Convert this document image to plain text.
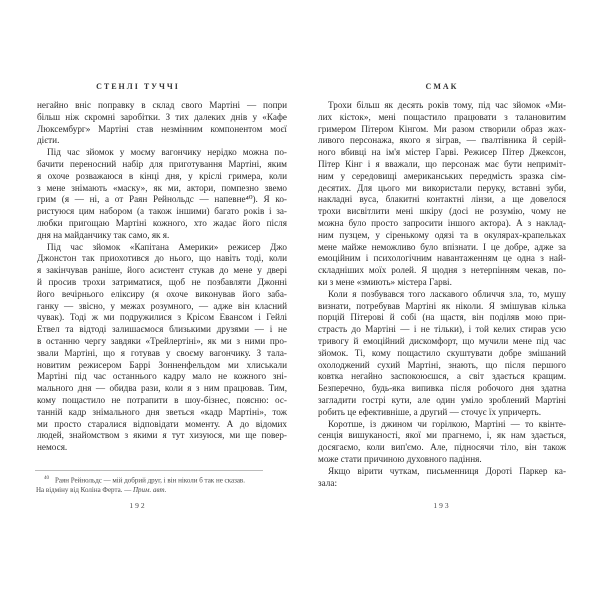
СТЕНЛІ ТУЧЧІ
негайно вніс поправку в склад свого Мартіні — попри
більш ніж скромні заробітки. З тих далеких днів у «Кафе
Люксембург» Мартіні став незмінним компонентом моєї
дієти.
Під час зйомок у моєму вагончику нерідко можна по-
бачити переносний набір для приготування Мартіні, яким
я охоче розважаюся в кінці дня, у кріслі гримера, коли
з мене знімають «маску», як ми, актори, помпезно звемо
грим (я — ні, а от Раян Рейнольдс — напевне⁴⁰). Я ко-
ристуюся цим набором (а також іншими) багато років і за-
любки пригощаю Мартіні кожного, хто жадає його після
дня на майданчику так само, як я.
Під час зйомок «Капітана Америки» режисер Джо
Джонстон так приохотився до нього, що навіть тоді, коли
я закінчував раніше, його асистент стукав до мене у двері
й просив трохи затриматися, щоб не позбавляти Джонні
його вечірнього еліксиру (я охоче виконував його заба-
ганку — звісно, у межах розумного, — адже він класний
чувак). Тоді ж ми подружилися з Крісом Евансом і Гейлі
Етвел та відтоді залишаємося близькими друзями — і не
в останню чергу завдяки «Трейлертіні», як ми з ними про-
звали Мартіні, що я готував у своєму вагончику. З тала-
новитим режисером Баррі Зонненфельдом ми хлиськали
Мартіні під час останнього кадру мало не кожного зні-
мального дня — обидва рази, коли я з ним працював. Тим,
кому пощастило не потрапити в шоу-бізнес, поясню: ос-
танній кадр знімального дня зветься «кадр Мартіні», тож
ми просто старалися відповідати моменту. А до відомих
людей, знайомством з якими я тут хизуюся, ми ще повер-
немося.
$^{40}$ Раян Рейнольдс — мій добрий друг, і він ніколи б так не сказав.
На відміну від Коліна Ферта. — Прим. авт.
192
СМАК
Трохи більш як десять років тому, під час зйомок «Ми-
лих кісток», мені пощастило працювати з талановитим
гримером Пітером Кінгом. Ми разом створили образ жах-
ливого персонажа, якого я зіграв, — ґвалтівника й серій-
ного вбивці на ім'я містер Гарві. Режисер Пітер Джексон,
Пітер Кінг і я вважали, що персонаж має бути неприміт-
ним у середовищі американських передмість зразка сім-
десятих. Для цього ми використали перуку, вставні зуби,
накладні вуса, блакитні контактні лінзи, а ще довелося
трохи висвітлити мені шкіру (досі не розумію, чому не
можна було просто запросити іншого актора). А з наклад-
ним пузцем, у сіренькому одязі та в окулярах-крапельках
мене майже неможливо було впізнати. І це добре, адже за
емоційним і психологічним навантаженням це одна з най-
складніших моїх ролей. Я щодня з нетерпінням чекав, по-
ки з мене «змиють» містера Гарві.
Коли я позбувався того ласкавого обличчя зла, то, мушу
визнати, потребував Мартіні як ніколи. Я змішував кілька
порцій Пітерові й собі (на щастя, він поділяв мою при-
страсть до Мартіні — і не тільки), і той келих стирав усю
тривогу й емоційний дискомфорт, що мучили мене під час
зйомок. Ті, кому пощастило скуштувати добре змішаний
охолоджений сухий Мартіні, знають, що після першого
ковтка негайно заспокоюєшся, а світ здається кращим.
Безперечно, будь-яка випивка після робочого дня здатна
загладити гострі кути, але один уміло зроблений Мартіні
робить це ефективніше, а другий — сточує їх упричерть.
Коротше, із джином чи горілкою, Мартіні — то квінте-
сенція вишуканості, якої ми прагнемо, і, як нам здається,
досягаємо, коли вип'ємо. Але, підносячи тіло, він також
може стати причиною духовного падіння.
Якщо вірити чуткам, письменниця Дороті Паркер ка-
зала:
193
